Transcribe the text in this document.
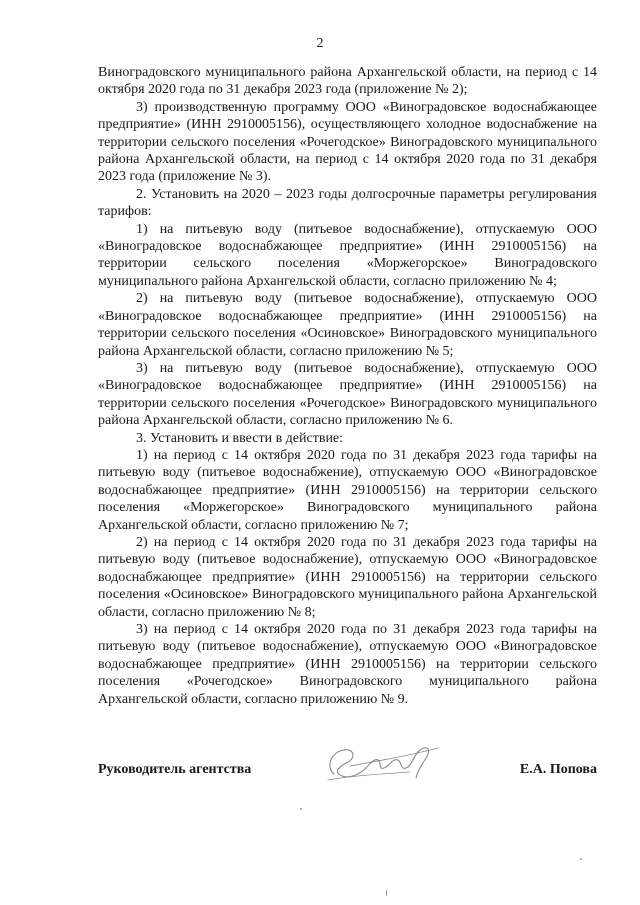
2

Виноградовского муниципального района Архангельской области, на период с 14 октября 2020 года по 31 декабря 2023 года (приложение № 2);

3) производственную программу ООО «Виноградовское водоснабжающее предприятие» (ИНН 2910005156), осуществляющего холодное водоснабжение на территории сельского поселения «Рочегодское» Виноградовского муниципального района Архангельской области, на период с 14 октября 2020 года по 31 декабря 2023 года (приложение № 3).

2. Установить на 2020 – 2023 годы долгосрочные параметры регулирования тарифов:

1) на питьевую воду (питьевое водоснабжение), отпускаемую ООО «Виноградовское водоснабжающее предприятие» (ИНН 2910005156) на территории сельского поселения «Моржегорское» Виноградовского муниципального района Архангельской области, согласно приложению № 4;

2) на питьевую воду (питьевое водоснабжение), отпускаемую ООО «Виноградовское водоснабжающее предприятие» (ИНН 2910005156) на территории сельского поселения «Осиновское» Виноградовского муниципального района Архангельской области, согласно приложению № 5;

3) на питьевую воду (питьевое водоснабжение), отпускаемую ООО «Виноградовское водоснабжающее предприятие» (ИНН 2910005156) на территории сельского поселения «Рочегодское» Виноградовского муниципального района Архангельской области, согласно приложению № 6.

3. Установить и ввести в действие:

1) на период с 14 октября 2020 года по 31 декабря 2023 года тарифы на питьевую воду (питьевое водоснабжение), отпускаемую ООО «Виноградовское водоснабжающее предприятие» (ИНН 2910005156) на территории сельского поселения «Моржегорское» Виноградовского муниципального района Архангельской области, согласно приложению № 7;

2) на период с 14 октября 2020 года по 31 декабря 2023 года тарифы на питьевую воду (питьевое водоснабжение), отпускаемую ООО «Виноградовское водоснабжающее предприятие» (ИНН 2910005156) на территории сельского поселения «Осиновское» Виноградовского муниципального района Архангельской области, согласно приложению № 8;

3) на период с 14 октября 2020 года по 31 декабря 2023 года тарифы на питьевую воду (питьевое водоснабжение), отпускаемую ООО «Виноградовское водоснабжающее предприятие» (ИНН 2910005156) на территории сельского поселения «Рочегодское» Виноградовского муниципального района Архангельской области, согласно приложению № 9.

Руководитель агентства	Е.А. Попова
